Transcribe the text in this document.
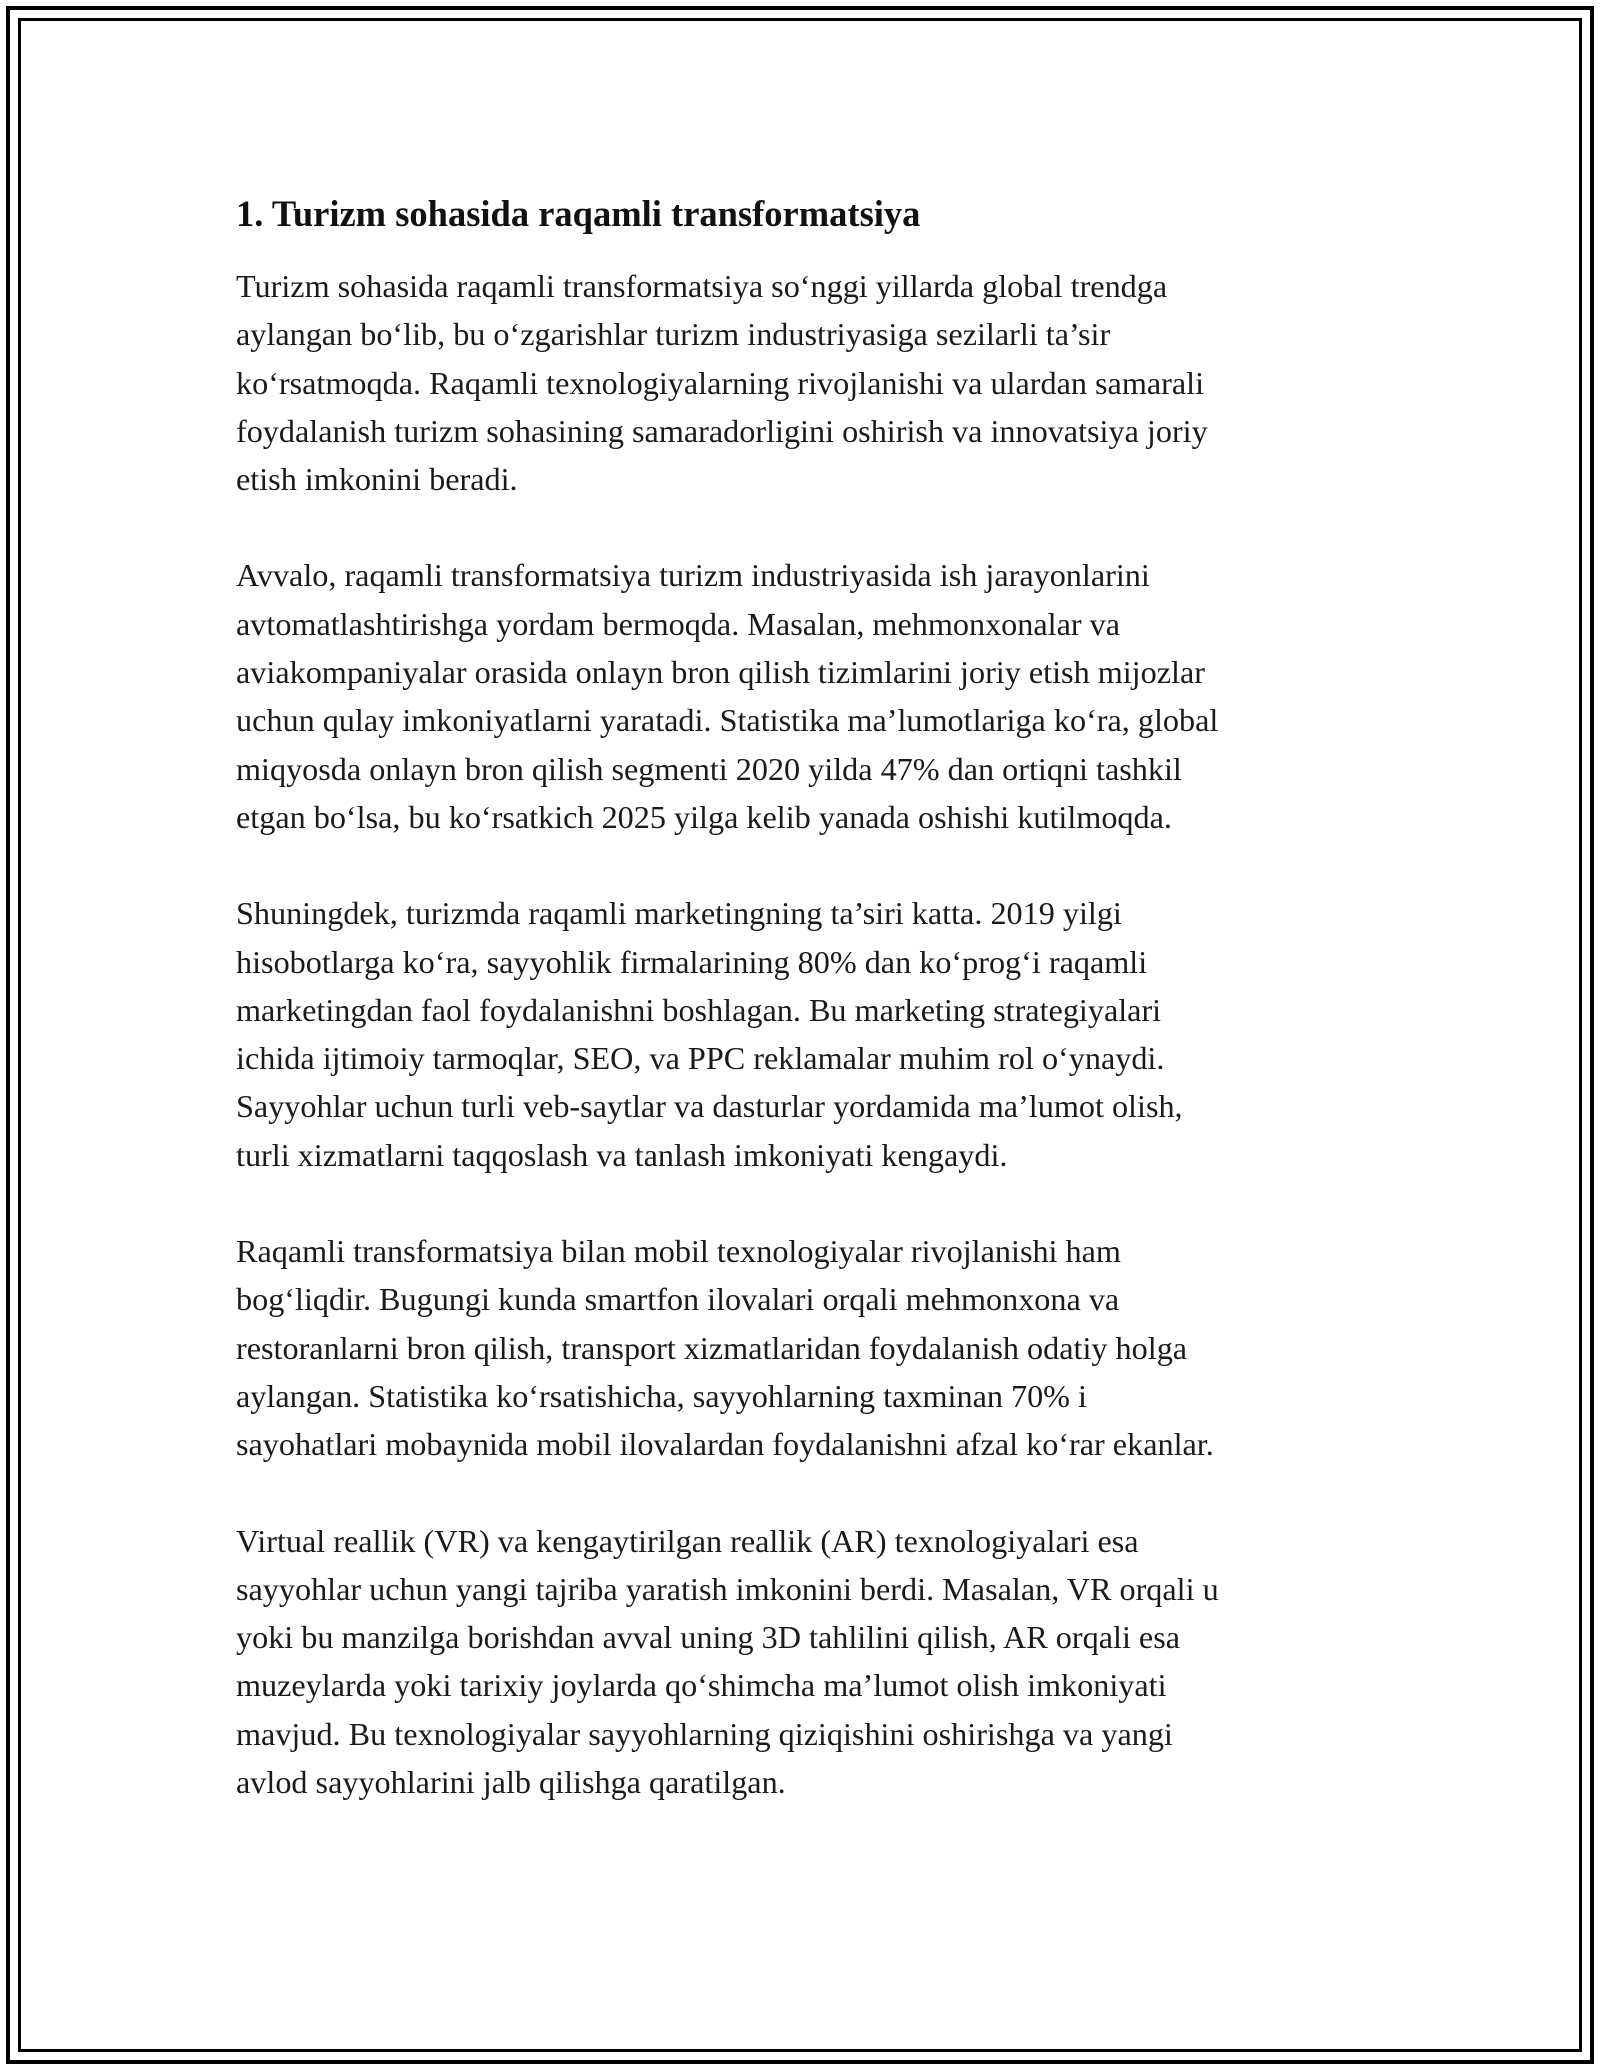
1. Turizm sohasida raqamli transformatsiya

Turizm sohasida raqamli transformatsiya so‘nggi yillarda global trendga
aylangan bo‘lib, bu o‘zgarishlar turizm industriyasiga sezilarli ta’sir
ko‘rsatmoqda. Raqamli texnologiyalarning rivojlanishi va ulardan samarali
foydalanish turizm sohasining samaradorligini oshirish va innovatsiya joriy
etish imkonini beradi.

Avvalo, raqamli transformatsiya turizm industriyasida ish jarayonlarini
avtomatlashtirishga yordam bermoqda. Masalan, mehmonxonalar va
aviakompaniyalar orasida onlayn bron qilish tizimlarini joriy etish mijozlar
uchun qulay imkoniyatlarni yaratadi. Statistika ma’lumotlariga ko‘ra, global
miqyosda onlayn bron qilish segmenti 2020 yilda 47% dan ortiqni tashkil
etgan bo‘lsa, bu ko‘rsatkich 2025 yilga kelib yanada oshishi kutilmoqda.

Shuningdek, turizmda raqamli marketingning ta’siri katta. 2019 yilgi
hisobotlarga ko‘ra, sayyohlik firmalarining 80% dan ko‘prog‘i raqamli
marketingdan faol foydalanishni boshlagan. Bu marketing strategiyalari
ichida ijtimoiy tarmoqlar, SEO, va PPC reklamalar muhim rol o‘ynaydi.
Sayyohlar uchun turli veb-saytlar va dasturlar yordamida ma’lumot olish,
turli xizmatlarni taqqoslash va tanlash imkoniyati kengaydi.

Raqamli transformatsiya bilan mobil texnologiyalar rivojlanishi ham
bog‘liqdir. Bugungi kunda smartfon ilovalari orqali mehmonxona va
restoranlarni bron qilish, transport xizmatlaridan foydalanish odatiy holga
aylangan. Statistika ko‘rsatishicha, sayyohlarning taxminan 70% i
sayohatlari mobaynida mobil ilovalardan foydalanishni afzal ko‘rar ekanlar.

Virtual reallik (VR) va kengaytirilgan reallik (AR) texnologiyalari esa
sayyohlar uchun yangi tajriba yaratish imkonini berdi. Masalan, VR orqali u
yoki bu manzilga borishdan avval uning 3D tahlilini qilish, AR orqali esa
muzeylarda yoki tarixiy joylarda qo‘shimcha ma’lumot olish imkoniyati
mavjud. Bu texnologiyalar sayyohlarning qiziqishini oshirishga va yangi
avlod sayyohlarini jalb qilishga qaratilgan.
